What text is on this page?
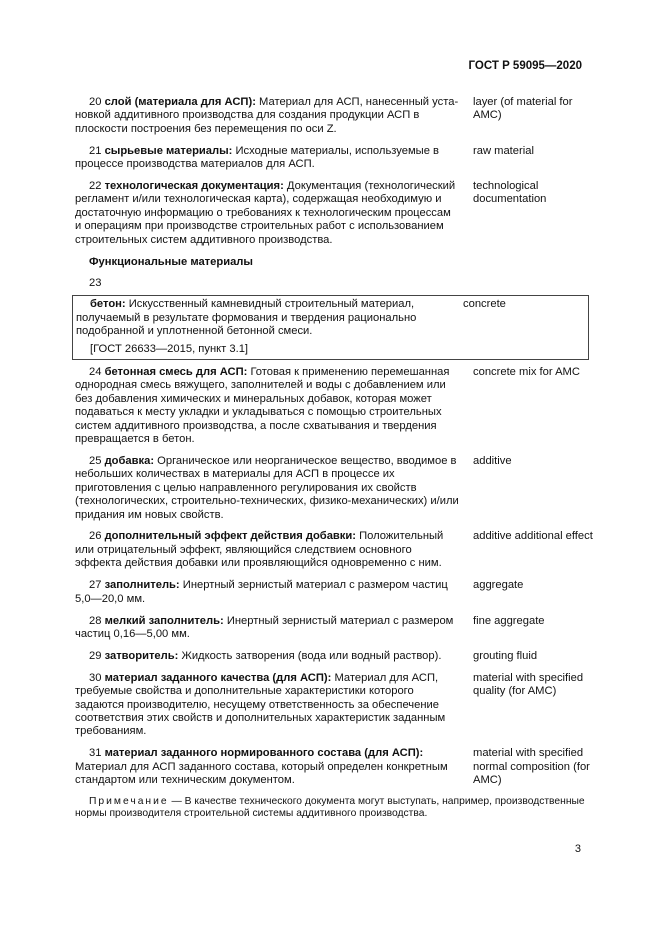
ГОСТ Р 59095—2020
20 слой (материала для АСП): Материал для АСП, нанесенный установкой аддитивного производства для создания продукции АСП в плоскости построения без перемещения по оси Z.
layer (of material for AMC)
21 сырьевые материалы: Исходные материалы, используемые в процессе производства материалов для АСП.
raw material
22 технологическая документация: Документация (технологический регламент и/или технологическая карта), содержащая необходимую и достаточную информацию о требованиях к технологическим процессам и операциям при производстве строительных работ с использованием строительных систем аддитивного производства.
technological documentation
Функциональные материалы
23
бетон: Искусственный камневидный строительный материал, получаемый в результате формования и твердения рационально подобранной и уплотненной бетонной смеси.
concrete
[ГОСТ 26633—2015, пункт 3.1]
24 бетонная смесь для АСП: Готовая к применению перемешанная однородная смесь вяжущего, заполнителей и воды с добавлением или без добавления химических и минеральных добавок, которая может подаваться к месту укладки и укладываться с помощью строительных систем аддитивного производства, а после схватывания и твердения превращается в бетон.
concrete mix for AMC
25 добавка: Органическое или неорганическое вещество, вводимое в небольших количествах в материалы для АСП в процессе их приготовления с целью направленного регулирования их свойств (технологических, строительно-технических, физико-механических) и/или придания им новых свойств.
additive
26 дополнительный эффект действия добавки: Положительный или отрицательный эффект, являющийся следствием основного эффекта действия добавки или проявляющийся одновременно с ним.
additive additional effect
27 заполнитель: Инертный зернистый материал с размером частиц 5,0—20,0 мм.
aggregate
28 мелкий заполнитель: Инертный зернистый материал с размером частиц 0,16—5,00 мм.
fine aggregate
29 затворитель: Жидкость затворения (вода или водный раствор).	grouting fluid
30 материал заданного качества (для АСП): Материал для АСП, требуемые свойства и дополнительные характеристики которого задаются производителю, несущему ответственность за обеспечение соответствия этих свойств и дополнительных характеристик заданным требованиям.
material with specified quality (for AMC)
31 материал заданного нормированного состава (для АСП): Материал для АСП заданного состава, который определен конкретным стандартом или техническим документом.
material with specified normal composition (for AMC)
Примечание — В качестве технического документа могут выступать, например, производственные нормы производителя строительной системы аддитивного производства.
3
